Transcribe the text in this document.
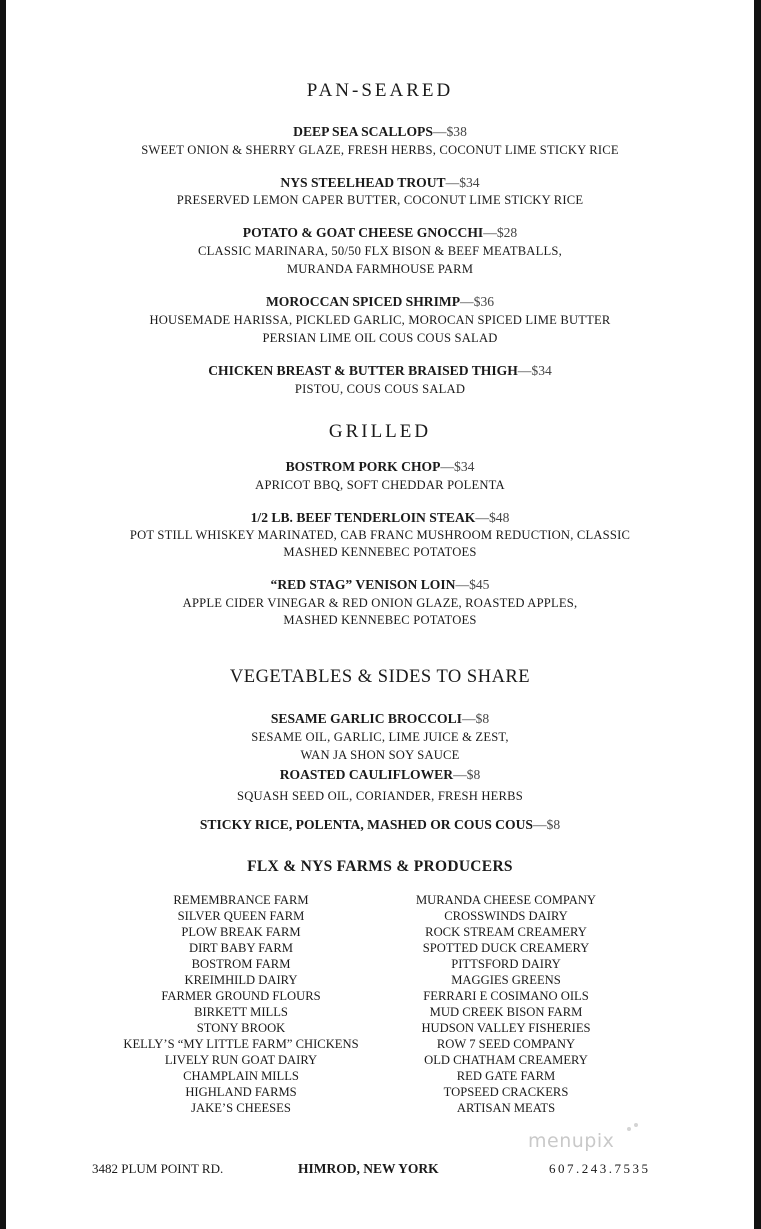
PAN-SEARED
DEEP SEA SCALLOPS—$38
SWEET ONION & SHERRY GLAZE, FRESH HERBS, COCONUT LIME STICKY RICE
NYS STEELHEAD TROUT—$34
PRESERVED LEMON CAPER BUTTER, COCONUT LIME STICKY RICE
POTATO & GOAT CHEESE GNOCCHI—$28
CLASSIC MARINARA, 50/50 FLX BISON & BEEF MEATBALLS,
MURANDA FARMHOUSE PARM
MOROCCAN SPICED SHRIMP—$36
HOUSEMADE HARISSA, PICKLED GARLIC, MOROCAN SPICED LIME BUTTER
PERSIAN LIME OIL COUS COUS SALAD
CHICKEN BREAST & BUTTER BRAISED THIGH—$34
PISTOU, COUS COUS SALAD
GRILLED
BOSTROM PORK CHOP—$34
APRICOT BBQ, SOFT CHEDDAR POLENTA
1/2 LB. BEEF TENDERLOIN STEAK—$48
POT STILL WHISKEY MARINATED, CAB FRANC MUSHROOM REDUCTION, CLASSIC
MASHED KENNEBEC POTATOES
“RED STAG” VENISON LOIN—$45
APPLE CIDER VINEGAR & RED ONION GLAZE, ROASTED APPLES,
MASHED KENNEBEC POTATOES
VEGETABLES & SIDES TO SHARE
SESAME GARLIC BROCCOLI—$8
SESAME OIL, GARLIC, LIME JUICE & ZEST,
WAN JA SHON SOY SAUCE
ROASTED CAULIFLOWER—$8
SQUASH SEED OIL, CORIANDER, FRESH HERBS
STICKY RICE, POLENTA, MASHED OR COUS COUS—$8
FLX & NYS FARMS & PRODUCERS
REMEMBRANCE FARM
SILVER QUEEN FARM
PLOW BREAK FARM
DIRT BABY FARM
BOSTROM FARM
KREIMHILD DAIRY
FARMER GROUND FLOURS
BIRKETT MILLS
STONY BROOK
KELLY’S “MY LITTLE FARM” CHICKENS
LIVELY RUN GOAT DAIRY
CHAMPLAIN MILLS
HIGHLAND FARMS
JAKE’S CHEESES
MURANDA CHEESE COMPANY
CROSSWINDS DAIRY
ROCK STREAM CREAMERY
SPOTTED DUCK CREAMERY
PITTSFORD DAIRY
MAGGIES GREENS
FERRARI E COSIMANO OILS
MUD CREEK BISON FARM
HUDSON VALLEY FISHERIES
ROW 7 SEED COMPANY
OLD CHATHAM CREAMERY
RED GATE FARM
TOPSEED CRACKERS
ARTISAN MEATS
menupix
3482 PLUM POINT RD.	HIMROD, NEW YORK	607.243.7535
